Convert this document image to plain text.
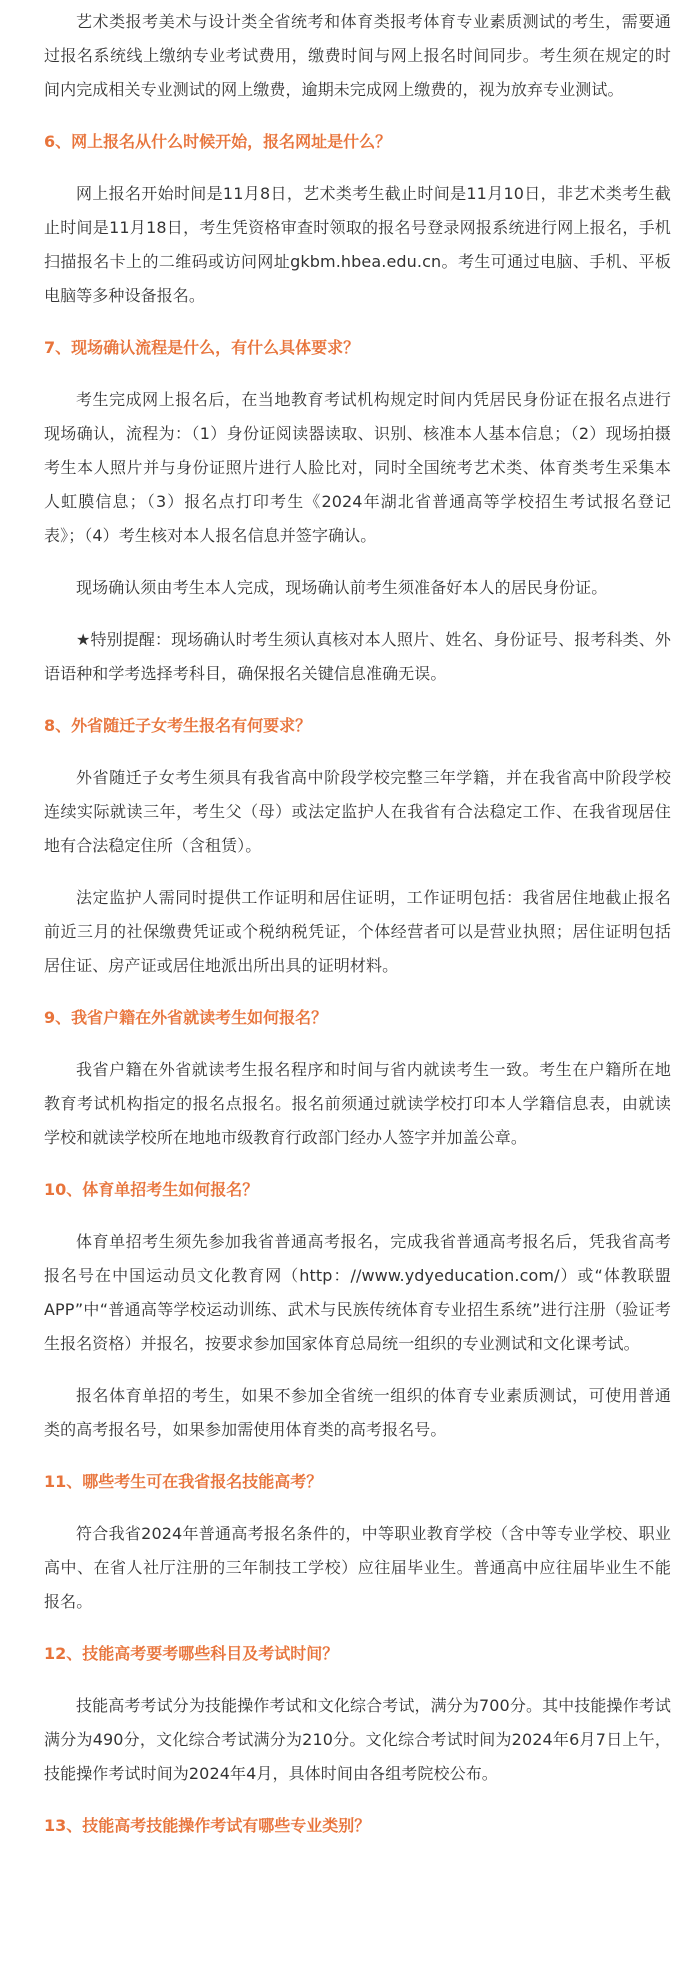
艺术类报考美术与设计类全省统考和体育类报考体育专业素质测试的考生，需要通过报名系统线上缴纳专业考试费用，缴费时间与网上报名时间同步。考生须在规定的时间内完成相关专业测试的网上缴费，逾期未完成网上缴费的，视为放弃专业测试。

6、网上报名从什么时候开始，报名网址是什么？

网上报名开始时间是11月8日，艺术类考生截止时间是11月10日，非艺术类考生截止时间是11月18日，考生凭资格审查时领取的报名号登录网报系统进行网上报名，手机扫描报名卡上的二维码或访问网址gkbm.hbea.edu.cn。考生可通过电脑、手机、平板电脑等多种设备报名。

7、现场确认流程是什么，有什么具体要求？

考生完成网上报名后，在当地教育考试机构规定时间内凭居民身份证在报名点进行现场确认，流程为：（1）身份证阅读器读取、识别、核准本人基本信息；（2）现场拍摄考生本人照片并与身份证照片进行人脸比对，同时全国统考艺术类、体育类考生采集本人虹膜信息；（3）报名点打印考生《2024年湖北省普通高等学校招生考试报名登记表》；（4）考生核对本人报名信息并签字确认。

现场确认须由考生本人完成，现场确认前考生须准备好本人的居民身份证。

★特别提醒：现场确认时考生须认真核对本人照片、姓名、身份证号、报考科类、外语语种和学考选择考科目，确保报名关键信息准确无误。

8、外省随迁子女考生报名有何要求？

外省随迁子女考生须具有我省高中阶段学校完整三年学籍，并在我省高中阶段学校连续实际就读三年，考生父（母）或法定监护人在我省有合法稳定工作、在我省现居住地有合法稳定住所（含租赁）。

法定监护人需同时提供工作证明和居住证明，工作证明包括：我省居住地截止报名前近三月的社保缴费凭证或个税纳税凭证，个体经营者可以是营业执照；居住证明包括居住证、房产证或居住地派出所出具的证明材料。

9、我省户籍在外省就读考生如何报名？

我省户籍在外省就读考生报名程序和时间与省内就读考生一致。考生在户籍所在地教育考试机构指定的报名点报名。报名前须通过就读学校打印本人学籍信息表，由就读学校和就读学校所在地地市级教育行政部门经办人签字并加盖公章。

10、体育单招考生如何报名？

体育单招考生须先参加我省普通高考报名，完成我省普通高考报名后，凭我省高考报名号在中国运动员文化教育网（http：//www.ydyeducation.com/）或“体教联盟APP”中“普通高等学校运动训练、武术与民族传统体育专业招生系统”进行注册（验证考生报名资格）并报名，按要求参加国家体育总局统一组织的专业测试和文化课考试。

报名体育单招的考生，如果不参加全省统一组织的体育专业素质测试，可使用普通类的高考报名号，如果参加需使用体育类的高考报名号。

11、哪些考生可在我省报名技能高考？

符合我省2024年普通高考报名条件的，中等职业教育学校（含中等专业学校、职业高中、在省人社厅注册的三年制技工学校）应往届毕业生。普通高中应往届毕业生不能报名。

12、技能高考要考哪些科目及考试时间？

技能高考考试分为技能操作考试和文化综合考试，满分为700分。其中技能操作考试满分为490分，文化综合考试满分为210分。文化综合考试时间为2024年6月7日上午，技能操作考试时间为2024年4月，具体时间由各组考院校公布。

13、技能高考技能操作考试有哪些专业类别？
